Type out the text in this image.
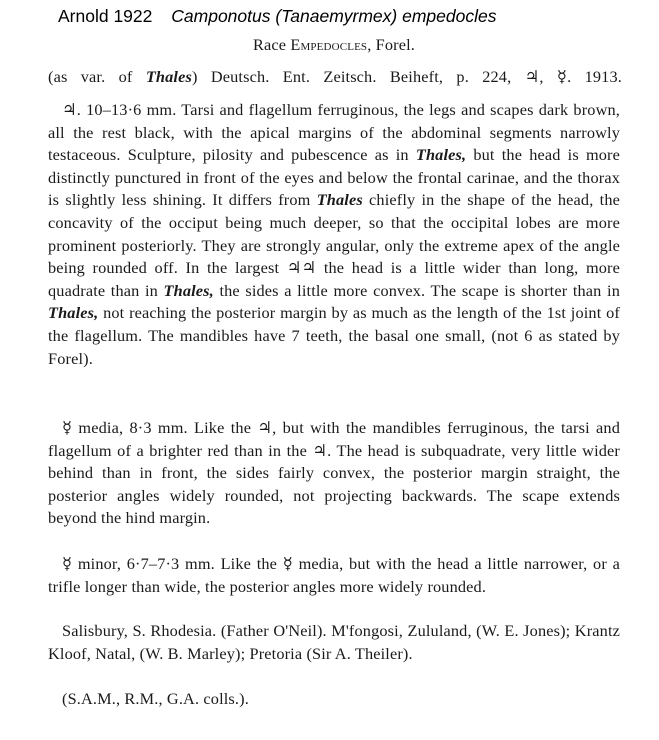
Arnold 1922 Camponotus (Tanaemyrmex) empedocles

Race Empedocles, Forel.

(as var. of Thales) Deutsch. Ent. Zeitsch. Beiheft, p. 224, ♃, ☿. 1913.

♃. 10–13·6 mm. Tarsi and flagellum ferruginous, the legs and scapes dark brown, all the rest black, with the apical margins of the abdominal segments narrowly testaceous. Sculpture, pilosity and pubescence as in Thales, but the head is more distinctly punctured in front of the eyes and below the frontal carinae, and the thorax is slightly less shining. It differs from Thales chiefly in the shape of the head, the concavity of the occiput being much deeper, so that the occipital lobes are more prominent posteriorly. They are strongly angular, only the extreme apex of the angle being rounded off. In the largest ♃♃ the head is a little wider than long, more quadrate than in Thales, the sides a little more convex. The scape is shorter than in Thales, not reaching the posterior margin by as much as the length of the 1st joint of the flagellum. The mandibles have 7 teeth, the basal one small, (not 6 as stated by Forel).

☿ media, 8·3 mm. Like the ♃, but with the mandibles ferruginous, the tarsi and flagellum of a brighter red than in the ♃. The head is subquadrate, very little wider behind than in front, the sides fairly convex, the posterior margin straight, the posterior angles widely rounded, not projecting backwards. The scape extends beyond the hind margin.

☿ minor, 6·7–7·3 mm. Like the ☿ media, but with the head a little narrower, or a trifle longer than wide, the posterior angles more widely rounded.

Salisbury, S. Rhodesia. (Father O'Neil). M'fongosi, Zululand, (W. E. Jones); Krantz Kloof, Natal, (W. B. Marley); Pretoria (Sir A. Theiler).

(S.A.M., R.M., G.A. colls.).
